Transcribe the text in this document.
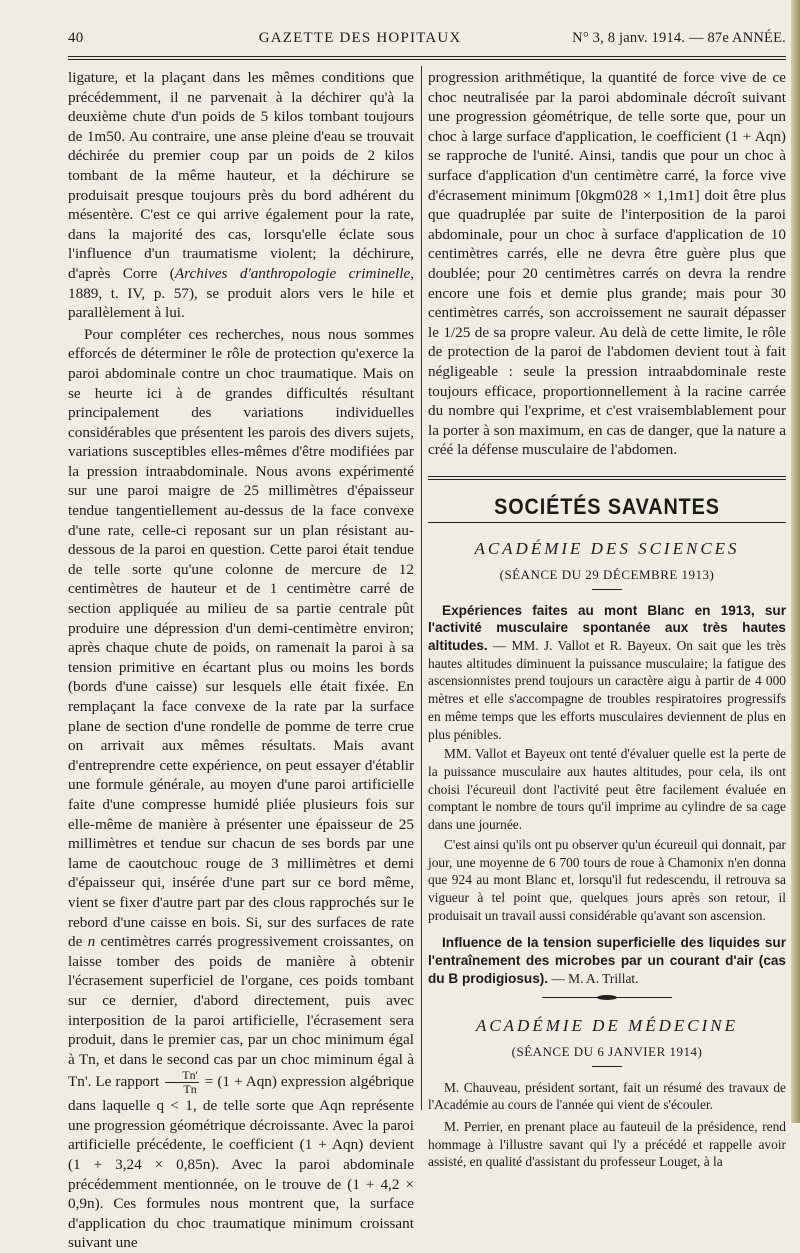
40	GAZETTE DES HOPITAUX	N° 3, 8 janv. 1914. — 87e ANNÉE.

ligature, et la plaçant dans les mêmes conditions que précédemment, il ne parvenait à la déchirer qu'à la deuxième chute d'un poids de 5 kilos tombant toujours de 1m50. Au contraire, une anse pleine d'eau se trouvait déchirée du premier coup par un poids de 2 kilos tombant de la même hauteur, et la déchirure se produisait presque toujours près du bord adhérent du mésentère. C'est ce qui arrive également pour la rate, dans la majorité des cas, lorsqu'elle éclate sous l'influence d'un traumatisme violent; la déchirure, d'après Corre (Archives d'anthropologie criminelle, 1889, t. IV, p. 57), se produit alors vers le hile et parallèlement à lui.

Pour compléter ces recherches, nous nous sommes efforcés de déterminer le rôle de protection qu'exerce la paroi abdominale contre un choc traumatique. Mais on se heurte ici à de grandes difficultés résultant principalement des variations individuelles considérables que présentent les parois des divers sujets, variations susceptibles elles-mêmes d'être modifiées par la pression intraabdominale. Nous avons expérimenté sur une paroi maigre de 25 millimètres d'épaisseur tendue tangentiellement au-dessus de la face convexe d'une rate, celle-ci reposant sur un plan résistant au-dessous de la paroi en question. Cette paroi était tendue de telle sorte qu'une colonne de mercure de 12 centimètres de hauteur et de 1 centimètre carré de section appliquée au milieu de sa partie centrale pût produire une dépression d'un demi-centimètre environ; après chaque chute de poids, on ramenait la paroi à sa tension primitive en écartant plus ou moins les bords (bords d'une caisse) sur lesquels elle était fixée. En remplaçant la face convexe de la rate par la surface plane de section d'une rondelle de pomme de terre crue on arrivait aux mêmes résultats. Mais avant d'entreprendre cette expérience, on peut essayer d'établir une formule générale, au moyen d'une paroi artificielle faite d'une compresse humidé pliée plusieurs fois sur elle-même de manière à présenter une épaisseur de 25 millimètres et tendue sur chacun de ses bords par une lame de caoutchouc rouge de 3 millimètres et demi d'épaisseur qui, insérée d'une part sur ce bord même, vient se fixer d'autre part par des clous rapprochés sur le rebord d'une caisse en bois. Si, sur des surfaces de rate de n centimètres carrés progressivement croissantes, on laisse tomber des poids de manière à obtenir l'écrasement superficiel de l'organe, ces poids tombant sur ce dernier, d'abord directement, puis avec interposition de la paroi artificielle, l'écrasement sera produit, dans le premier cas, par un choc minimum égal à Tn, et dans le second cas par un choc miminum égal à Tn'. Le rapport $\frac{Tn'}{Tn} = (1 + Aqn)$ expression algébrique dans laquelle q < 1, de telle sorte que Aqn représente une progression géométrique décroissante. Avec la paroi artificielle précédente, le coefficient (1 + Aqn) devient (1 + 3,24 × 0,85n). Avec la paroi abdominale précédemment mentionnée, on le trouve de (1 + 4,2 × 0,9n). Ces formules nous montrent que, la surface d'application du choc traumatique minimum croissant suivant une

progression arithmétique, la quantité de force vive de ce choc neutralisée par la paroi abdominale décroît suivant une progression géométrique, de telle sorte que, pour un choc à large surface d'application, le coefficient (1 + Aqn) se rapproche de l'unité. Ainsi, tandis que pour un choc à surface d'application d'un centimètre carré, la force vive d'écrasement minimum [0kgm028 × 1,1m1] doit être plus que quadruplée par suite de l'interposition de la paroi abdominale, pour un choc à surface d'application de 10 centimètres carrés, elle ne devra être guère plus que doublée; pour 20 centimètres carrés on devra la rendre encore une fois et demie plus grande; mais pour 30 centimètres carrés, son accroissement ne saurait dépasser le 1/25 de sa propre valeur. Au delà de cette limite, le rôle de protection de la paroi de l'abdomen devient tout à fait négligeable : seule la pression intraabdominale reste toujours efficace, proportionnellement à la racine carrée du nombre qui l'exprime, et c'est vraisemblablement pour la porter à son maximum, en cas de danger, que la nature a créé la défense musculaire de l'abdomen.

SOCIÉTÉS SAVANTES
ACADÉMIE DES SCIENCES
(SÉANCE DU 29 DÉCEMBRE 1913)

Expériences faites au mont Blanc en 1913, sur l'activité musculaire spontanée aux très hautes altitudes. — MM. J. Vallot et R. Bayeux. On sait que les très hautes altitudes diminuent la puissance musculaire; la fatigue des ascensionnistes prend toujours un caractère aigu à partir de 4 000 mètres et elle s'accompagne de troubles respiratoires progressifs en même temps que les efforts musculaires deviennent de plus en plus pénibles.

MM. Vallot et Bayeux ont tenté d'évaluer quelle est la perte de la puissance musculaire aux hautes altitudes, pour cela, ils ont choisi l'écureuil dont l'activité peut être facilement évaluée en comptant le nombre de tours qu'il imprime au cylindre de sa cage dans une journée.

C'est ainsi qu'ils ont pu observer qu'un écureuil qui donnait, par jour, une moyenne de 6 700 tours de roue à Chamonix n'en donna que 924 au mont Blanc et, lorsqu'il fut redescendu, il retrouva sa vigueur à tel point que, quelques jours après son retour, il produisait un travail aussi considérable qu'avant son ascension.

Influence de la tension superficielle des liquides sur l'entraînement des microbes par un courant d'air (cas du B prodigiosus). — M. A. Trillat.

ACADÉMIE DE MÉDECINE
(SÉANCE DU 6 JANVIER 1914)

M. Chauveau, président sortant, fait un résumé des travaux de l'Académie au cours de l'année qui vient de s'écouler.

M. Perrier, en prenant place au fauteuil de la présidence, rend hommage à l'illustre savant qui l'y a précédé et rappelle avoir assisté, en qualité d'assistant du professeur Louget, à la
